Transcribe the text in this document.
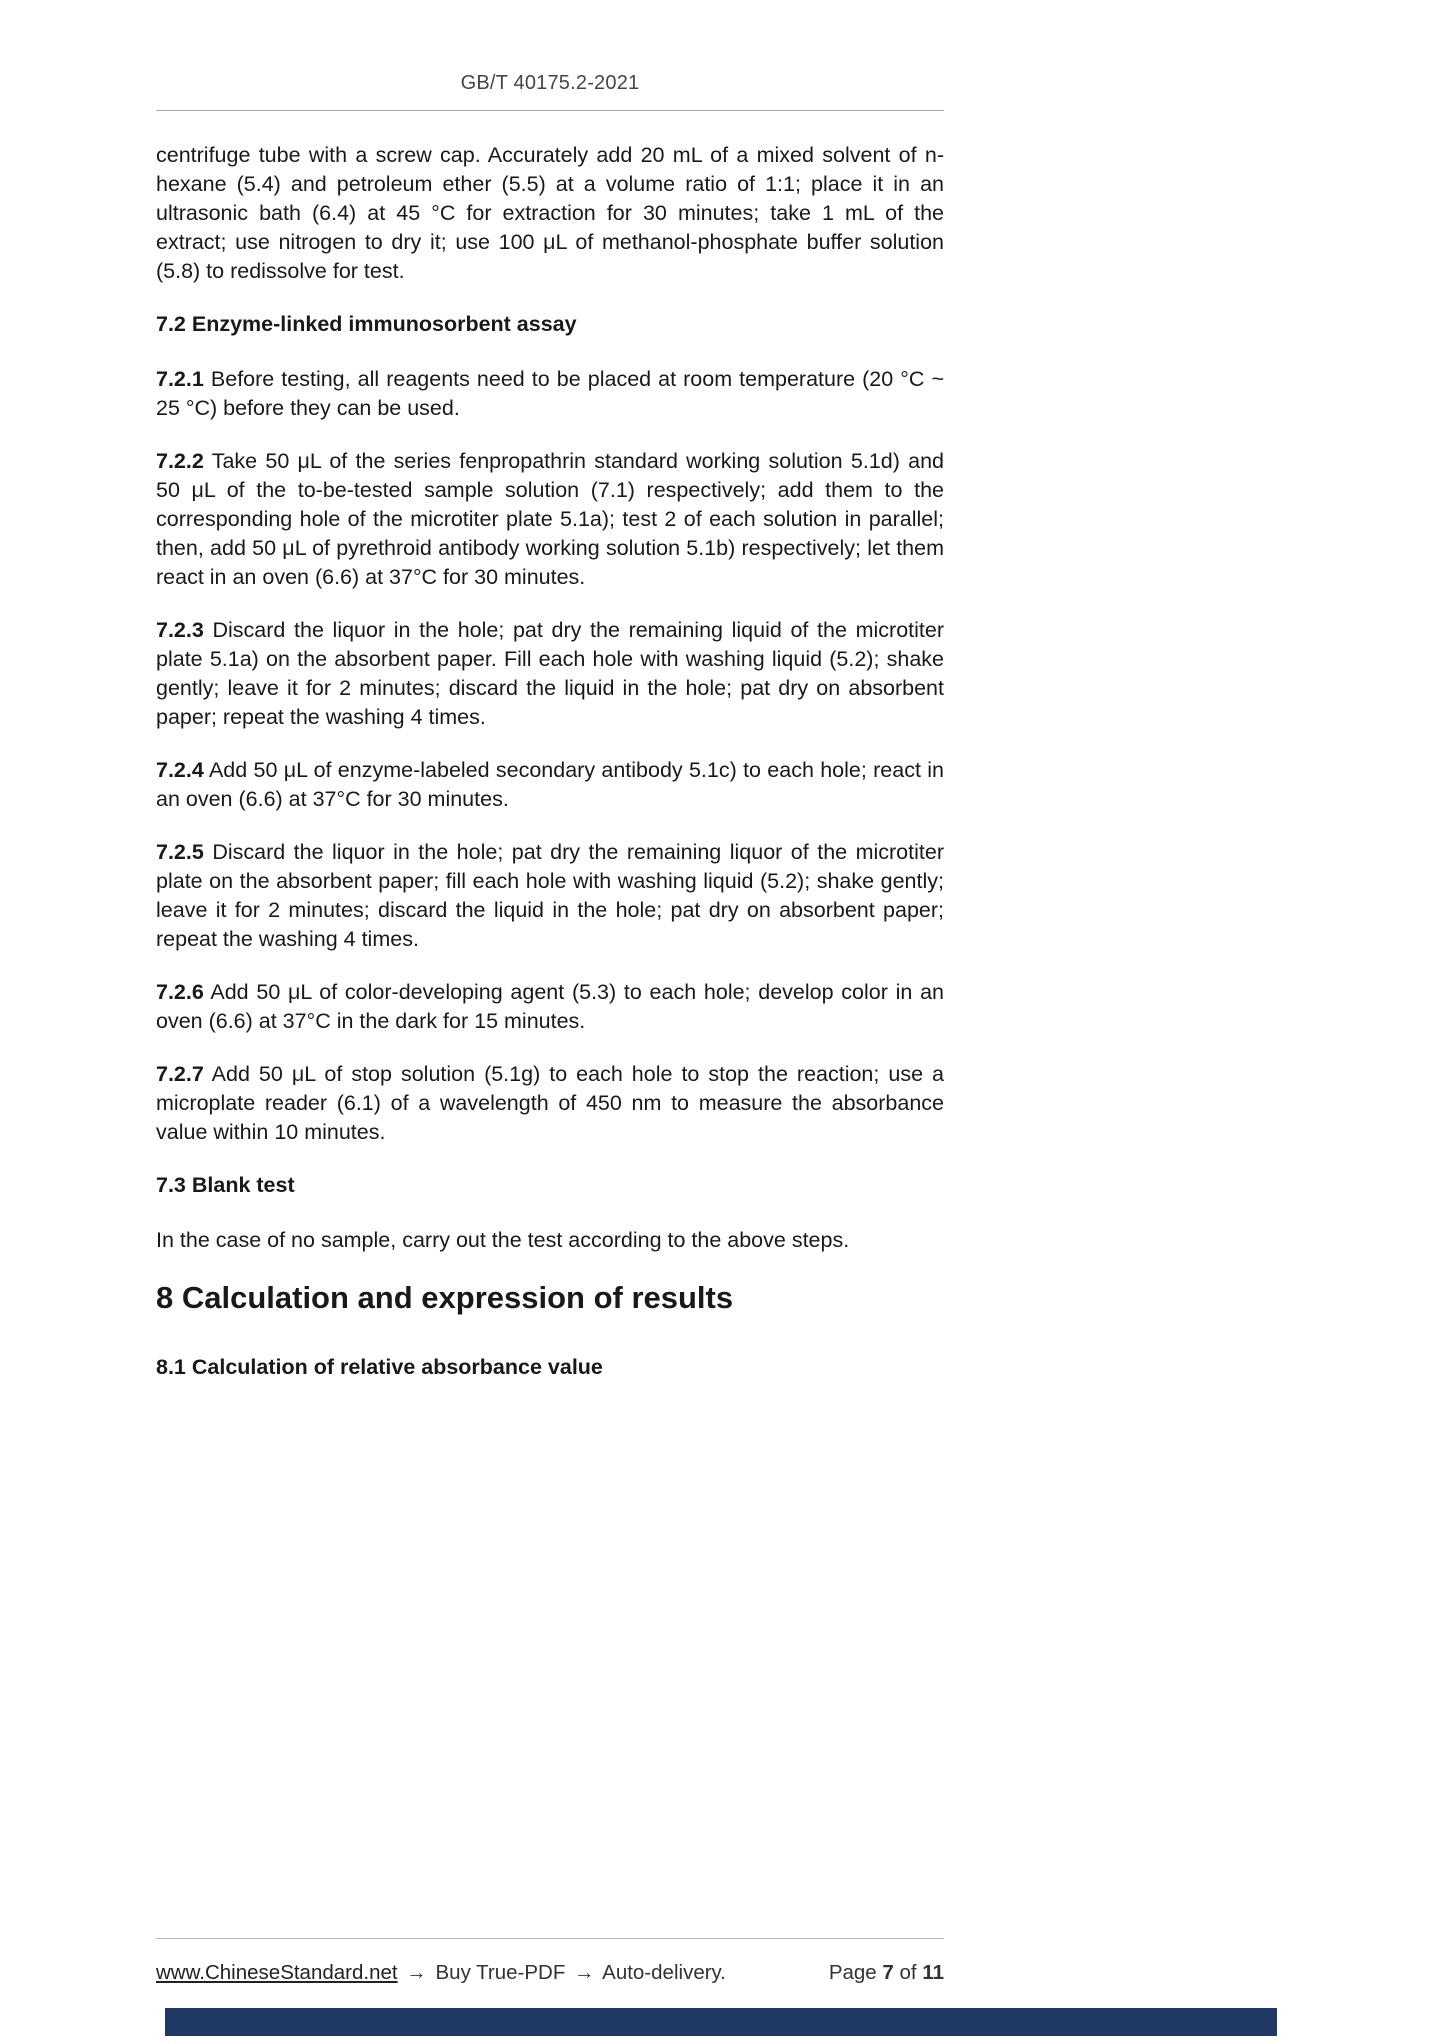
GB/T 40175.2-2021

centrifuge tube with a screw cap. Accurately add 20 mL of a mixed solvent of n-hexane (5.4) and petroleum ether (5.5) at a volume ratio of 1:1; place it in an ultrasonic bath (6.4) at 45 °C for extraction for 30 minutes; take 1 mL of the extract; use nitrogen to dry it; use 100 μL of methanol-phosphate buffer solution (5.8) to redissolve for test.

7.2 Enzyme-linked immunosorbent assay

7.2.1 Before testing, all reagents need to be placed at room temperature (20 °C ~ 25 °C) before they can be used.

7.2.2 Take 50 μL of the series fenpropathrin standard working solution 5.1d) and 50 μL of the to-be-tested sample solution (7.1) respectively; add them to the corresponding hole of the microtiter plate 5.1a); test 2 of each solution in parallel; then, add 50 μL of pyrethroid antibody working solution 5.1b) respectively; let them react in an oven (6.6) at 37°C for 30 minutes.

7.2.3 Discard the liquor in the hole; pat dry the remaining liquid of the microtiter plate 5.1a) on the absorbent paper. Fill each hole with washing liquid (5.2); shake gently; leave it for 2 minutes; discard the liquid in the hole; pat dry on absorbent paper; repeat the washing 4 times.

7.2.4 Add 50 μL of enzyme-labeled secondary antibody 5.1c) to each hole; react in an oven (6.6) at 37°C for 30 minutes.

7.2.5 Discard the liquor in the hole; pat dry the remaining liquor of the microtiter plate on the absorbent paper; fill each hole with washing liquid (5.2); shake gently; leave it for 2 minutes; discard the liquid in the hole; pat dry on absorbent paper; repeat the washing 4 times.

7.2.6 Add 50 μL of color-developing agent (5.3) to each hole; develop color in an oven (6.6) at 37°C in the dark for 15 minutes.

7.2.7 Add 50 μL of stop solution (5.1g) to each hole to stop the reaction; use a microplate reader (6.1) of a wavelength of 450 nm to measure the absorbance value within 10 minutes.

7.3 Blank test

In the case of no sample, carry out the test according to the above steps.

8 Calculation and expression of results
8.1 Calculation of relative absorbance value
www.ChineseStandard.net → Buy True-PDF → Auto-delivery.	Page 7 of 11
